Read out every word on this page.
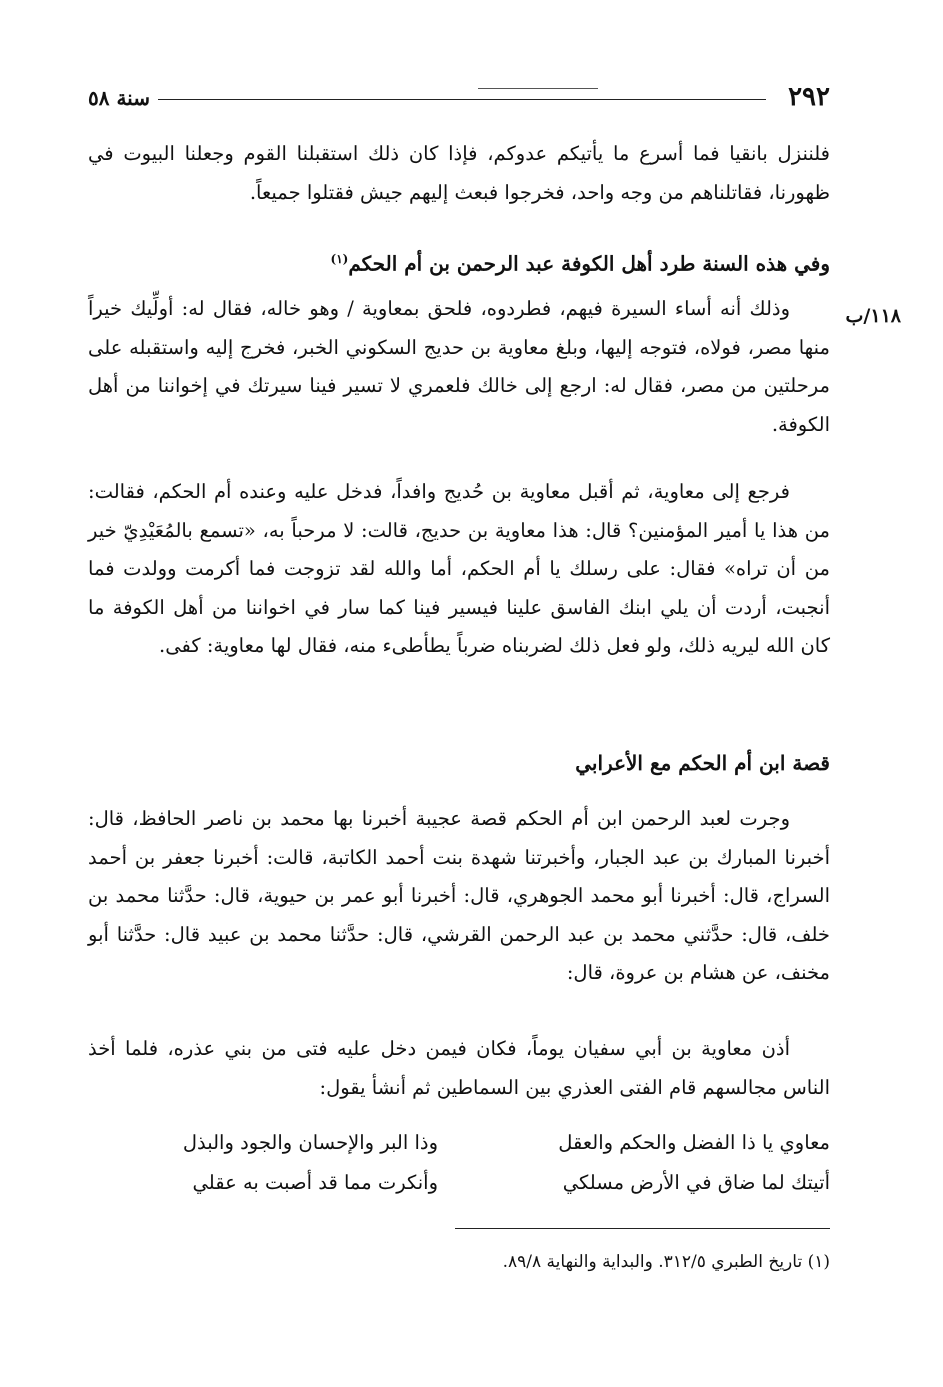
٢٩٢
سنة ٥٨

فلننزل بانقيا فما أسرع ما يأتيكم عدوكم، فإذا كان ذلك استقبلنا القوم وجعلنا البيوت في ظهورنا، فقاتلناهم من وجه واحد، فخرجوا فبعث إليهم جيش فقتلوا جميعاً.

وفي هذه السنة طرد أهل الكوفة عبد الرحمن بن أم الحكم$^{(١)}$
١١٨/ب

وذلك أنه أساء السيرة فيهم، فطردوه، فلحق بمعاوية / وهو خاله، فقال له: أولِّيك خيراً منها مصر، فولاه، فتوجه إليها، وبلغ معاوية بن حديج السكوني الخبر، فخرج إليه واستقبله على مرحلتين من مصر، فقال له: ارجع إلى خالك فلعمري لا تسير فينا سيرتك في إخواننا من أهل الكوفة.

فرجع إلى معاوية، ثم أقبل معاوية بن حُديج وافداً، فدخل عليه وعنده أم الحكم، فقالت: من هذا يا أمير المؤمنين؟ قال: هذا معاوية بن حديج، قالت: لا مرحباً به، «تسمع بالمُعَيْدِيّ خير من أن تراه» فقال: على رسلك يا أم الحكم، أما والله لقد تزوجت فما أكرمت وولدت فما أنجبت، أردت أن يلي ابنك الفاسق علينا فيسير فينا كما سار في اخواننا من أهل الكوفة ما كان الله ليريه ذلك، ولو فعل ذلك لضربناه ضرباً يطأطىء منه، فقال لها معاوية: كفى.

قصة ابن أم الحكم مع الأعرابي

وجرت لعبد الرحمن ابن أم الحكم قصة عجيبة أخبرنا بها محمد بن ناصر الحافظ، قال: أخبرنا المبارك بن عبد الجبار، وأخبرتنا شهدة بنت أحمد الكاتبة، قالت: أخبرنا جعفر بن أحمد السراج، قال: أخبرنا أبو محمد الجوهري، قال: أخبرنا أبو عمر بن حيوية، قال: حدَّثنا محمد بن خلف، قال: حدَّثني محمد بن عبد الرحمن القرشي، قال: حدَّثنا محمد بن عبيد قال: حدَّثنا أبو مخنف، عن هشام بن عروة، قال:

أذن معاوية بن أبي سفيان يوماً، فكان فيمن دخل عليه فتى من بني عذره، فلما أخذ الناس مجالسهم قام الفتى العذري بين السماطين ثم أنشأ يقول:

معاوي يا ذا الفضل والحكم والعقل
وذا البر والإحسان والجود والبذل
أتيتك لما ضاق في الأرض مسلكي
وأنكرت مما قد أصبت به عقلي
(١) تاريخ الطبري ٣١٢/٥. والبداية والنهاية ٨٩/٨.
